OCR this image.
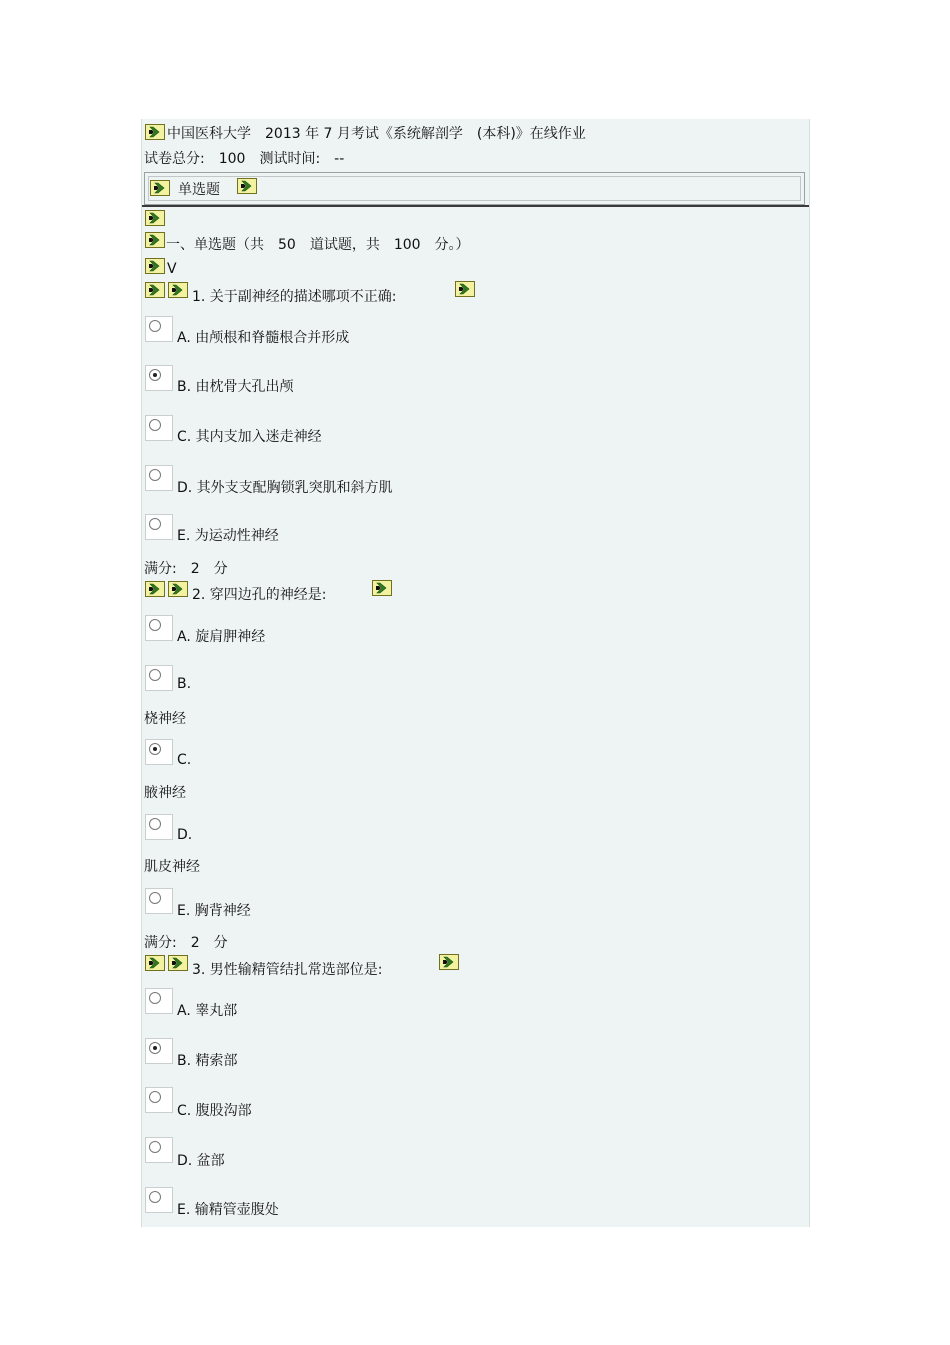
中国医科大学　2013 年 7 月考试《系统解剖学　(本科)》在线作业
试卷总分:　100　测试时间:　--
单选题
一、单选题（共　50　道试题，共　100　分。）
V
1. 关于副神经的描述哪项不正确:
A. 由颅根和脊髓根合并形成
B. 由枕骨大孔出颅
C. 其内支加入迷走神经
D. 其外支支配胸锁乳突肌和斜方肌
E. 为运动性神经
满分:　2　分
2. 穿四边孔的神经是:
A. 旋肩胛神经
B.
桡神经
C.
腋神经
D.
肌皮神经
E. 胸背神经
满分:　2　分
3. 男性输精管结扎常选部位是:
A. 睾丸部
B. 精索部
C. 腹股沟部
D. 盆部
E. 输精管壶腹处
